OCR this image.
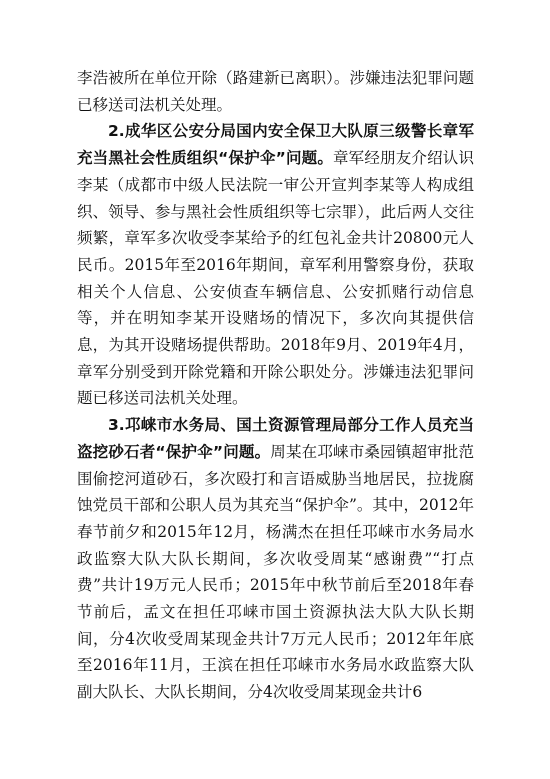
李浩被所在单位开除（路建新已离职）。涉嫌违法犯罪问题已移送司法机关处理。

2.成华区公安分局国内安全保卫大队原三级警长章军充当黑社会性质组织“保护伞”问题。章军经朋友介绍认识李某（成都市中级人民法院一审公开宣判李某等人构成组织、领导、参与黑社会性质组织等七宗罪），此后两人交往频繁，章军多次收受李某给予的红包礼金共计20800元人民币。2015年至2016年期间，章军利用警察身份，获取相关个人信息、公安侦查车辆信息、公安抓赌行动信息等，并在明知李某开设赌场的情况下，多次向其提供信息，为其开设赌场提供帮助。2018年9月、2019年4月，章军分别受到开除党籍和开除公职处分。涉嫌违法犯罪问题已移送司法机关处理。

3.邛崃市水务局、国土资源管理局部分工作人员充当盗挖砂石者“保护伞”问题。周某在邛崃市桑园镇超审批范围偷挖河道砂石，多次殴打和言语威胁当地居民，拉拢腐蚀党员干部和公职人员为其充当“保护伞”。其中，2012年春节前夕和2015年12月，杨满杰在担任邛崃市水务局水政监察大队大队长期间，多次收受周某“感谢费”“打点费”共计19万元人民币；2015年中秋节前后至2018年春节前后，孟文在担任邛崃市国土资源执法大队大队长期间，分4次收受周某现金共计7万元人民币；2012年年底至2016年11月，王滨在担任邛崃市水务局水政监察大队副大队长、大队长期间，分4次收受周某现金共计6
